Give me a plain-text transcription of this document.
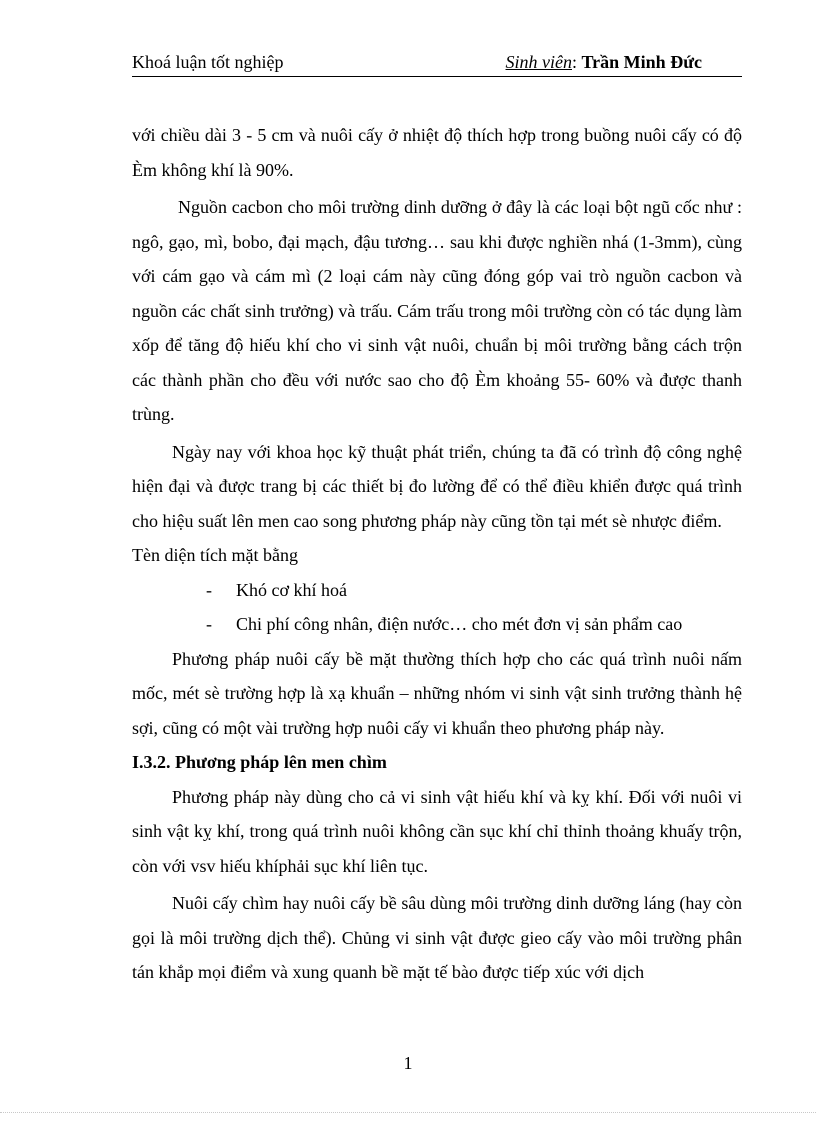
Khoá luận tốt nghiệp	Sinh viên: Trần Minh Đức

với chiều dài 3 - 5 cm và nuôi cấy ở nhiệt độ thích hợp trong buồng nuôi cấy có độ Èm không khí là 90%.

Nguồn cacbon cho môi trường dinh dưỡng ở đây là các loại bột ngũ cốc như : ngô, gạo, mì, bobo, đại mạch, đậu tương… sau khi được nghiền nhá (1-3mm), cùng với cám gạo và cám mì (2 loại cám này cũng đóng góp vai trò nguồn cacbon và nguồn các chất sinh trưởng) và trấu. Cám trấu trong môi trường còn có tác dụng làm xốp để tăng độ hiếu khí cho vi sinh vật nuôi, chuẩn bị môi trường bằng cách trộn các thành phần cho đều với nước sao cho độ Èm khoảng 55- 60% và được thanh trùng.

Ngày nay với khoa học kỹ thuật phát triển, chúng ta đã có trình độ công nghệ hiện đại và được trang bị các thiết bị đo lường để có thể điều khiển được quá trình cho hiệu suất lên men cao song phương pháp này cũng tồn tại mét sè nhược điểm.

Tèn diện tích mặt bằng

- Khó cơ khí hoá

- Chi phí công nhân, điện nước… cho mét đơn vị sản phẩm cao

Phương pháp nuôi cấy bề mặt thường thích hợp cho các quá trình nuôi nấm mốc, mét sè trường hợp là xạ khuẩn – những nhóm vi sinh vật sinh trưởng thành hệ sợi, cũng có một vài trường hợp nuôi cấy vi khuẩn theo phương pháp này.

I.3.2. Phương pháp lên men chìm

Phương pháp này dùng cho cả vi sinh vật hiếu khí và kỵ khí. Đối với nuôi vi sinh vật kỵ khí, trong quá trình nuôi không cần sục khí chỉ thỉnh thoảng khuấy trộn, còn với vsv hiếu khíphải sục khí liên tục.

Nuôi cấy chìm hay nuôi cấy bề sâu dùng môi trường dinh dưỡng láng (hay còn gọi là môi trường dịch thể). Chủng vi sinh vật được gieo cấy vào môi trường phân tán khắp mọi điểm và xung quanh bề mặt tế bào được tiếp xúc với dịch

1
